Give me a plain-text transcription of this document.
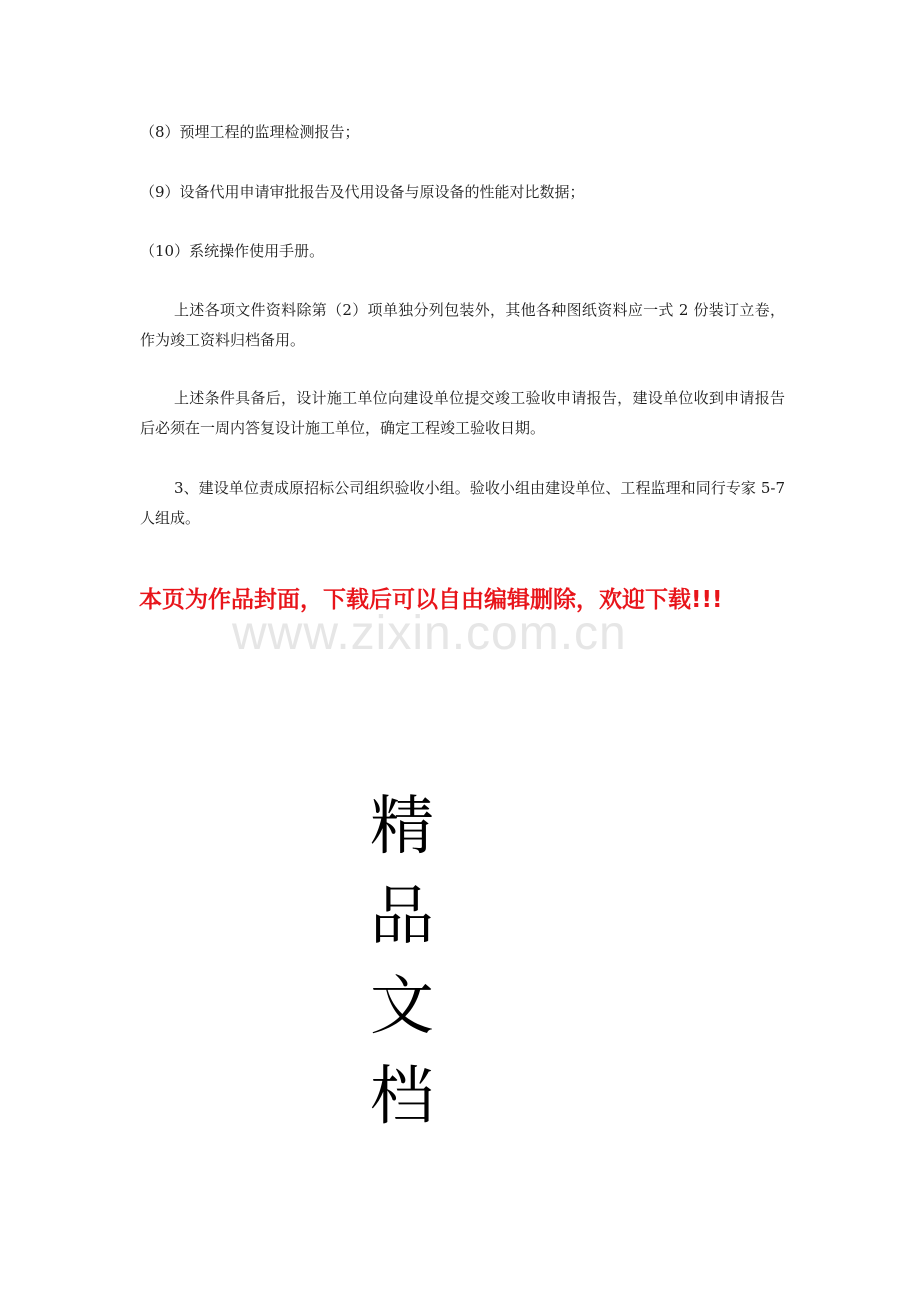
（8）预埋工程的监理检测报告；
（9）设备代用申请审批报告及代用设备与原设备的性能对比数据；
（10）系统操作使用手册。
上述各项文件资料除第（2）项单独分列包装外，其他各种图纸资料应一式 2 份装订立卷，作为竣工资料归档备用。
上述条件具备后，设计施工单位向建设单位提交竣工验收申请报告，建设单位收到申请报告后必须在一周内答复设计施工单位，确定工程竣工验收日期。
3、建设单位责成原招标公司组织验收小组。验收小组由建设单位、工程监理和同行专家 5-7 人组成。
www.zixin.com.cn
本页为作品封面，下载后可以自由编辑删除，欢迎下载!!!
精
品
文
档
